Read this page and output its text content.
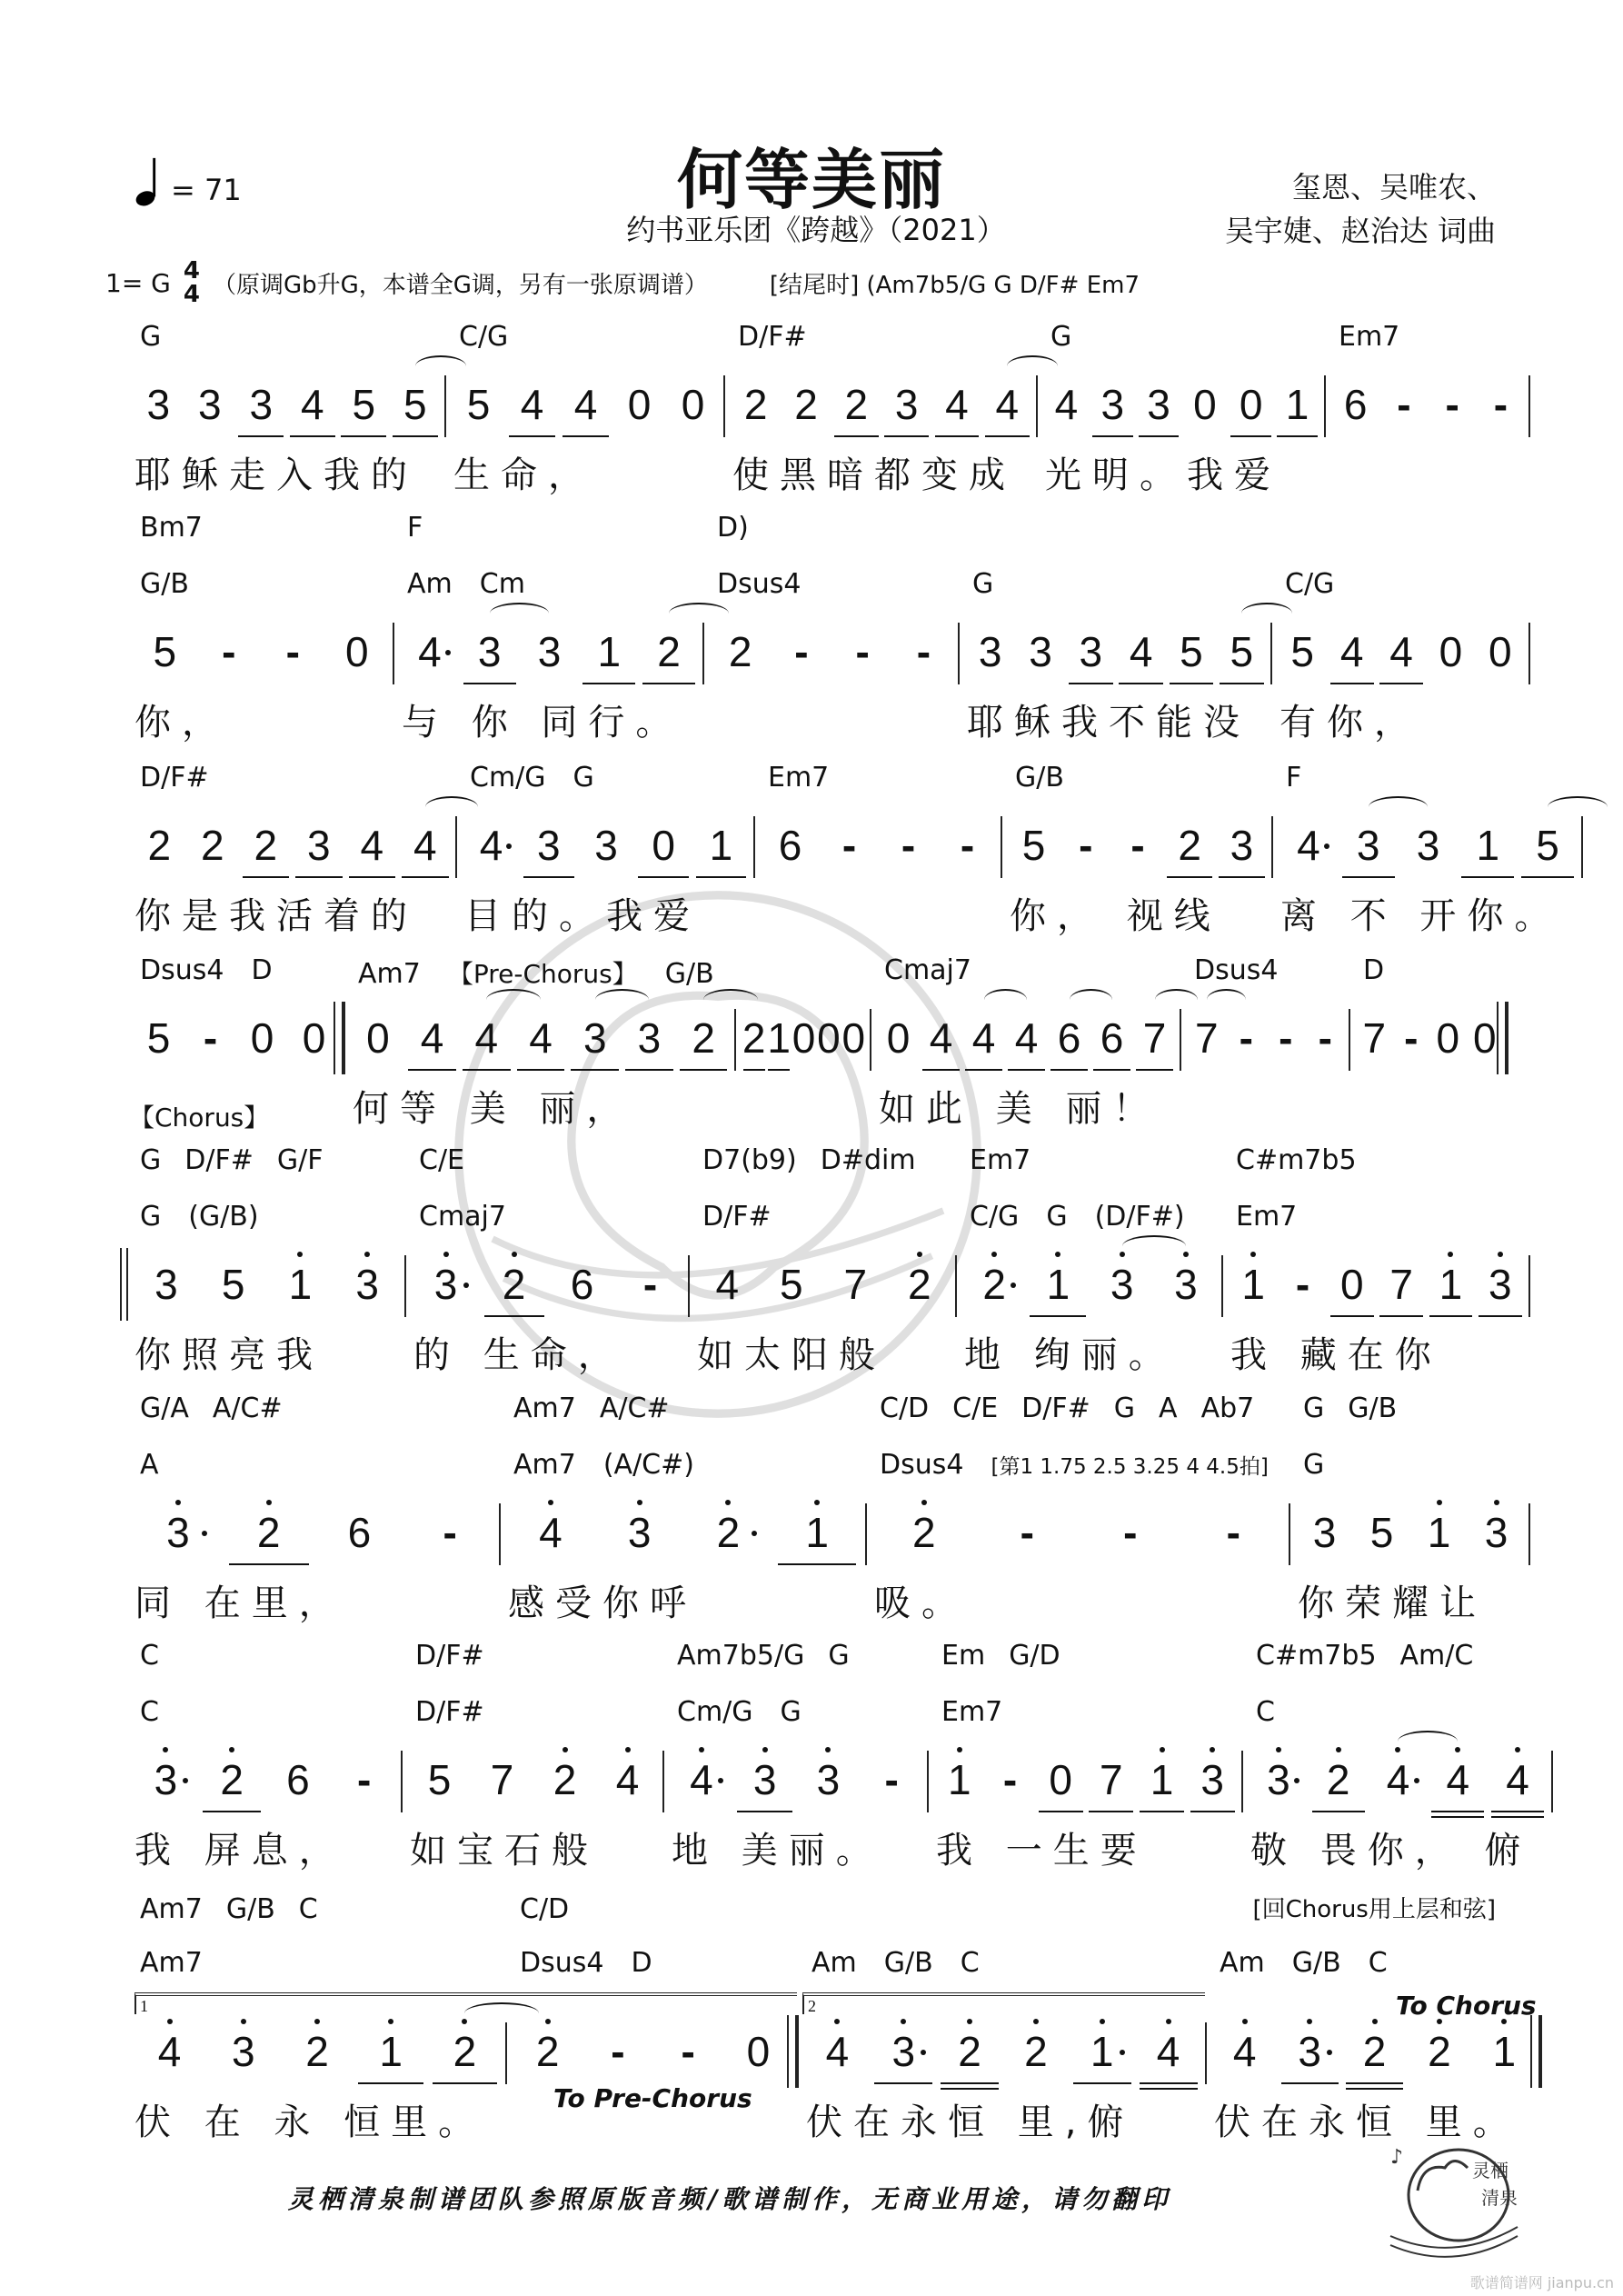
= 71	何等美丽
约书亚乐团《跨越》（2021）
玺恩、吴唯农、
吴宇婕、赵治达 词曲
1= G 4
4 （原调Gb升G，本谱全G调，另有一张原调谱）	[结尾时] (Am7b5/G G D/F# Em7
G
3 3 3 4 5 5
耶稣走入我的
C/G
5 4 4 0 0
生命，
D/F#
2 2 2 3 4 4
使黑暗都变成
G
4 3 3 0 0 1
光明。我爱
Em7
6 - - -
Bm7
G/B
5	-	-	0
你，
F
Am Cm
4 3 3 1 2
与 你 同行。
D)
Dsus4
2	-	-	-
G
3 3 3 4 5 5
耶稣我不能没
C/G
5 4 4 0 0
有你，
D/F#
2 2 2 3 4 4
你是我活着的
Cm/G G
4 3 3 0 1
目的。我爱
Em7
6 -	-	-
G/B
5 - - 2 3
你， 视线
F
4 3 3 1 5
离 不 开你。
Dsus4 D
5 - 0 0
Am7 【Pre-Chorus】 G/B
0 4 4 4 3 3 2
何等 美 丽，
2 1 0 0 0
Cmaj7
0 4 4 4 6 6 7
如此 美 丽！
Dsus4
7 - - -
D
7 - 0 0
G D/F# G/F
G (G/B)
3	5	1	3
你照亮我
C/E
Cmaj7
3	2	6	-
的 生命，
D7(b9) D#dim
D/F#
4 5 7 2
如太阳般
Em7
C/G G (D/F#)
2 1 3 3
地 绚丽。
C#m7b5
Em7
1 - 0 7 1 3
我 藏在你
G/A A/C#
A
3	2	6	-
同 在里，
Am7 A/C#
Am7 (A/C#)
4	3	2	1
感受你呼
C/D C/E D/F# G A Ab7
Dsus4 [第1 1.75 2.5 3.25 4 4.5拍]
2	-	-	-
吸。
G G/B
G
3 5 1 3
你荣耀让
C
C
3	2	6	-
我 屏息，
D/F#
D/F#
5 7 2 4
如宝石般
Am7b5/G G
Cm/G G
4 3 3	-
地 美丽。
Em G/D
Em7
1 - 0 7 1 3
我 一生要
C#m7b5 Am/C
C
3 2 4 4 4
敬 畏你， 俯
Am7 G/B C
Am7
4	3	2	1	2
伏 在 永 恒里。
C/D
Dsus4 D
2	-	-	0
Am G/B C
4	3	2	2	1	4
伏在永恒 里,俯
Am G/B C
4 3 2 2 1
伏在永恒 里。
【Chorus】
[回Chorus用上层和弦]
To Chorus
To Pre-Chorus
1	2
灵栖清泉制谱团队参照原版音频/歌谱制作，无商业用途，请勿翻印
灵栖
清泉
♪
歌谱简谱网 jianpu.cn
